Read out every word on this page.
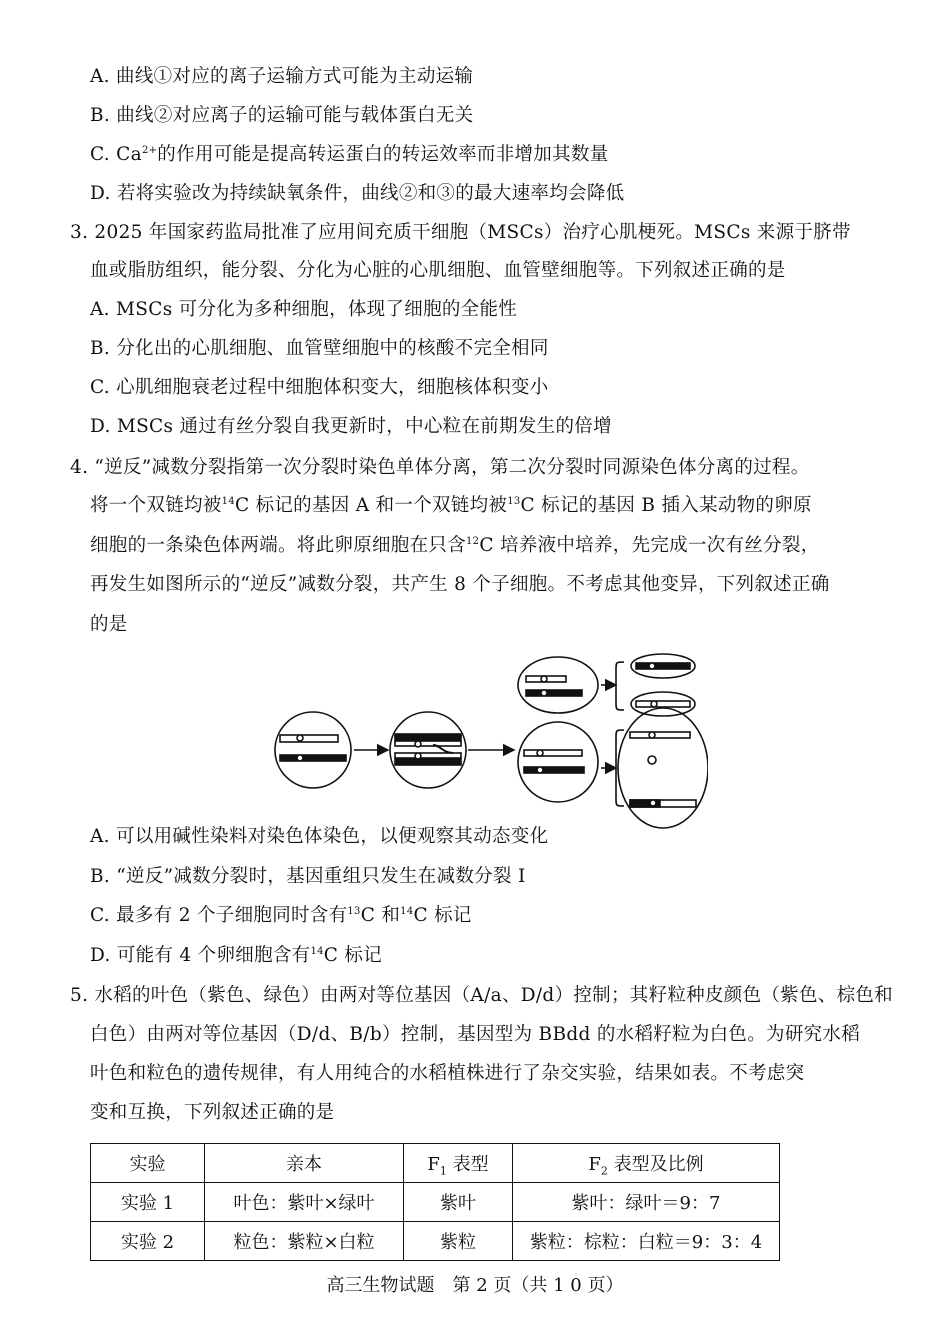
A. 曲线①对应的离子运输方式可能为主动运输
B. 曲线②对应离子的运输可能与载体蛋白无关
C. $Ca^{2+}$的作用可能是提高转运蛋白的转运效率而非增加其数量
D. 若将实验改为持续缺氧条件，曲线②和③的最大速率均会降低
3. 2025 年国家药监局批准了应用间充质干细胞（MSCs）治疗心肌梗死。MSCs 来源于脐带
血或脂肪组织，能分裂、分化为心脏的心肌细胞、血管壁细胞等。下列叙述正确的是
A. MSCs 可分化为多种细胞，体现了细胞的全能性
B. 分化出的心肌细胞、血管壁细胞中的核酸不完全相同
C. 心肌细胞衰老过程中细胞体积变大，细胞核体积变小
D. MSCs 通过有丝分裂自我更新时，中心粒在前期发生的倍增
4. “逆反”减数分裂指第一次分裂时染色单体分离，第二次分裂时同源染色体分离的过程。
将一个双链均被$^{14}$C 标记的基因 A 和一个双链均被$^{13}$C 标记的基因 B 插入某动物的卵原
细胞的一条染色体两端。将此卵原细胞在只含$^{12}$C 培养液中培养，先完成一次有丝分裂，
再发生如图所示的“逆反”减数分裂，共产生 8 个子细胞。不考虑其他变异，下列叙述正确
的是
A. 可以用碱性染料对染色体染色，以便观察其动态变化
B. “逆反”减数分裂时，基因重组只发生在减数分裂 Ⅰ
C. 最多有 2 个子细胞同时含有$^{13}$C 和$^{14}$C 标记
D. 可能有 4 个卵细胞含有$^{14}$C 标记
5. 水稻的叶色（紫色、绿色）由两对等位基因（A/a、D/d）控制；其籽粒种皮颜色（紫色、棕色和
白色）由两对等位基因（D/d、B/b）控制，基因型为 BBdd 的水稻籽粒为白色。为研究水稻
叶色和粒色的遗传规律，有人用纯合的水稻植株进行了杂交实验，结果如表。不考虑突
变和互换，下列叙述正确的是
实验	亲本	$F_1$ 表型	$F_2$ 表型及比例
实验 1	叶色：紫叶×绿叶	紫叶	紫叶：绿叶＝9：7
实验 2	粒色：紫粒×白粒	紫粒	紫粒：棕粒：白粒＝9：3：4
高三生物试题　第 2 页（共 1 0 页）
